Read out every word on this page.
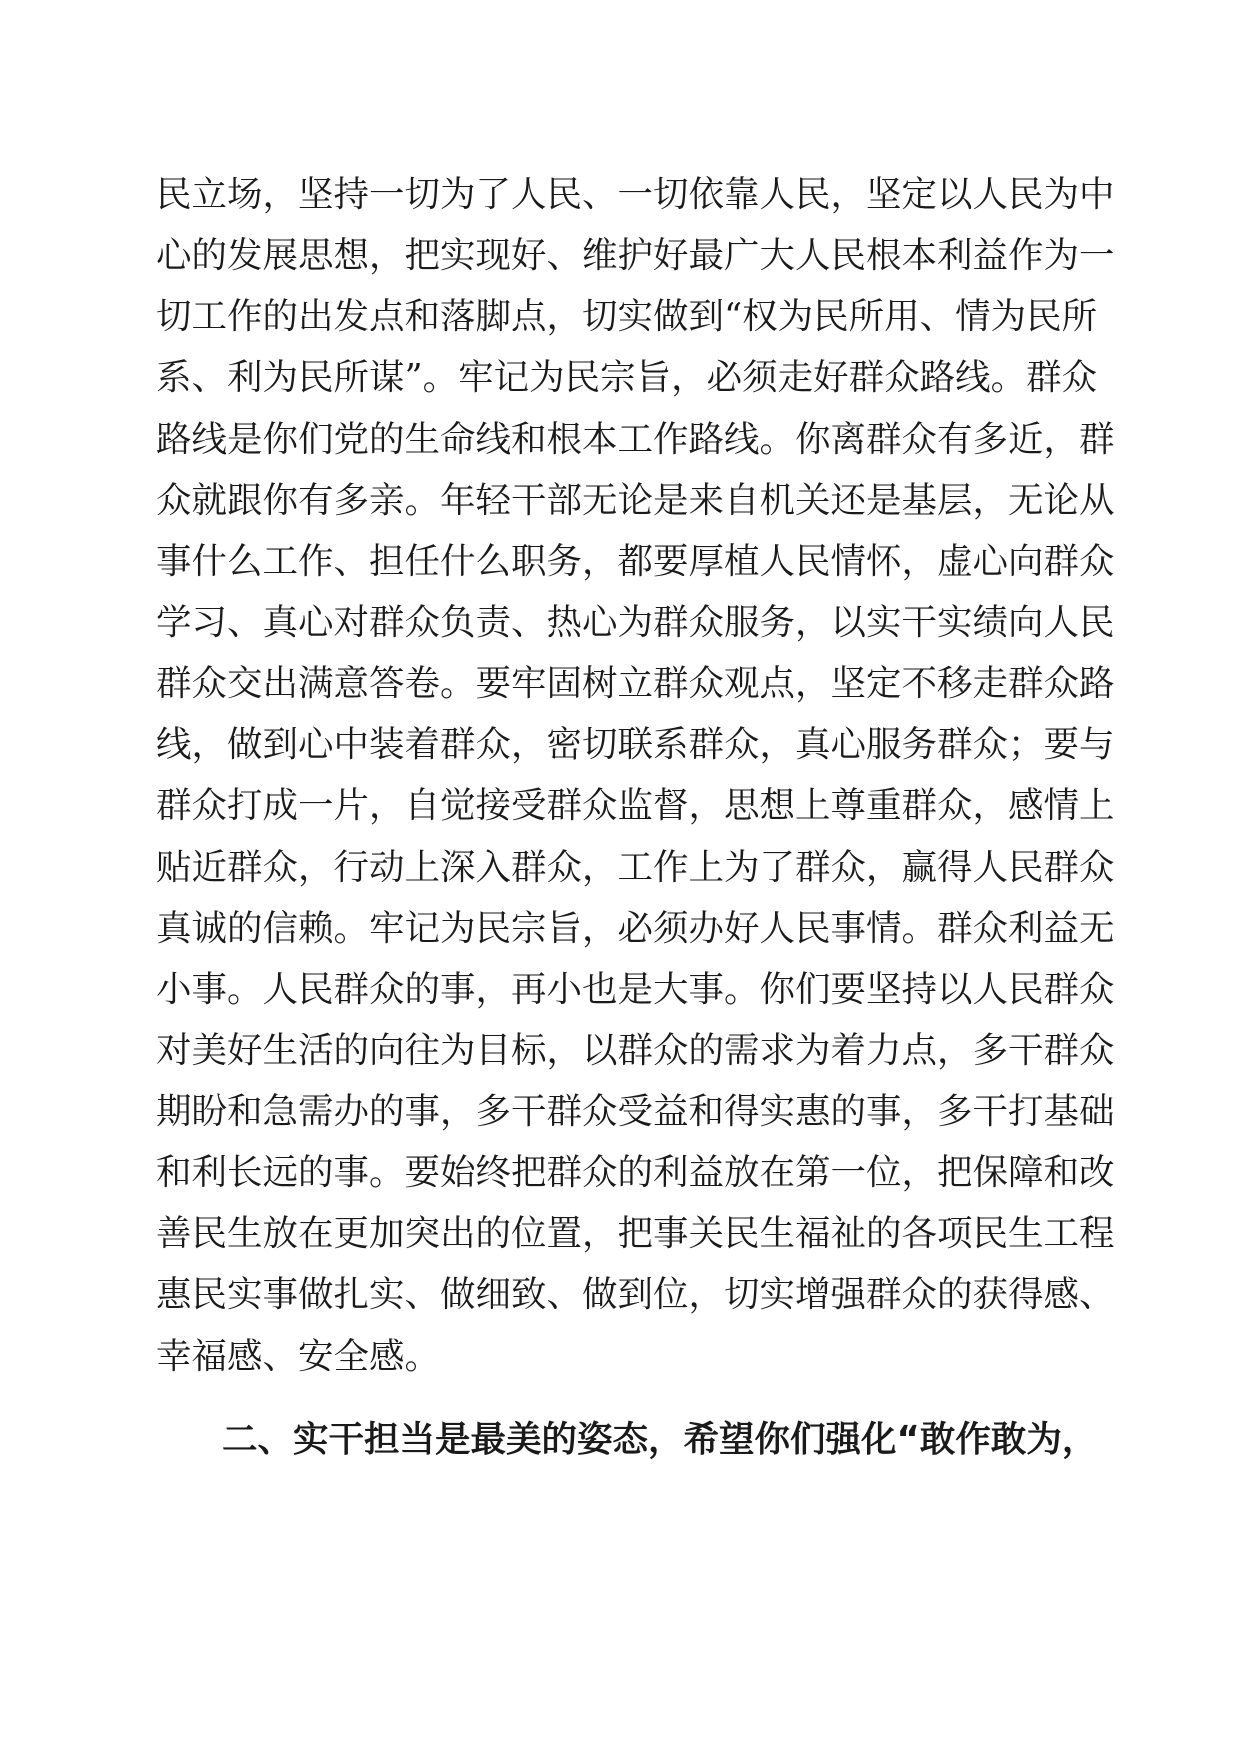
民立场，坚持一切为了人民、一切依靠人民，坚定以人民为中
心的发展思想，把实现好、维护好最广大人民根本利益作为一
切工作的出发点和落脚点，切实做到“权为民所用、情为民所
系、利为民所谋”。牢记为民宗旨，必须走好群众路线。群众
路线是你们党的生命线和根本工作路线。你离群众有多近，群
众就跟你有多亲。年轻干部无论是来自机关还是基层，无论从
事什么工作、担任什么职务，都要厚植人民情怀，虚心向群众
学习、真心对群众负责、热心为群众服务，以实干实绩向人民
群众交出满意答卷。要牢固树立群众观点，坚定不移走群众路
线，做到心中装着群众，密切联系群众，真心服务群众；要与
群众打成一片，自觉接受群众监督，思想上尊重群众，感情上
贴近群众，行动上深入群众，工作上为了群众，赢得人民群众
真诚的信赖。牢记为民宗旨，必须办好人民事情。群众利益无
小事。人民群众的事，再小也是大事。你们要坚持以人民群众
对美好生活的向往为目标，以群众的需求为着力点，多干群众
期盼和急需办的事，多干群众受益和得实惠的事，多干打基础
和利长远的事。要始终把群众的利益放在第一位，把保障和改
善民生放在更加突出的位置，把事关民生福祉的各项民生工程
惠民实事做扎实、做细致、做到位，切实增强群众的获得感、
幸福感、安全感。
二、实干担当是最美的姿态，希望你们强化“敢作敢为，
